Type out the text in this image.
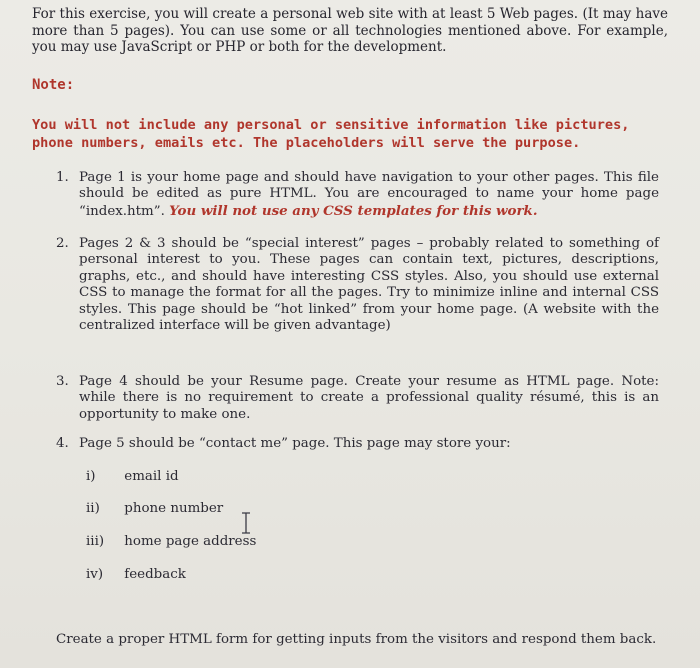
For this exercise, you will create a personal web site with at least 5 Web pages. (It may have more than 5 pages). You can use some or all technologies mentioned above. For example, you may use JavaScript or PHP or both for the development.
Note:
You will not include any personal or sensitive information like pictures, phone numbers, emails etc. The placeholders will serve the purpose.
1. Page 1 is your home page and should have navigation to your other pages. This file should be edited as pure HTML. You are encouraged to name your home page “index.htm”. You will not use any CSS templates for this work.
2. Pages 2 & 3 should be “special interest” pages – probably related to something of personal interest to you. These pages can contain text, pictures, descriptions, graphs, etc., and should have interesting CSS styles. Also, you should use external CSS to manage the format for all the pages. Try to minimize inline and internal CSS styles. This page should be “hot linked” from your home page. (A website with the centralized interface will be given advantage)
3. Page 4 should be your Resume page. Create your resume as HTML page. Note: while there is no requirement to create a professional quality résumé, this is an opportunity to make one.
4. Page 5 should be “contact me” page. This page may store your:
i) email id
ii) phone number
iii) home page address
iv) feedback
Create a proper HTML form for getting inputs from the visitors and respond them back.
